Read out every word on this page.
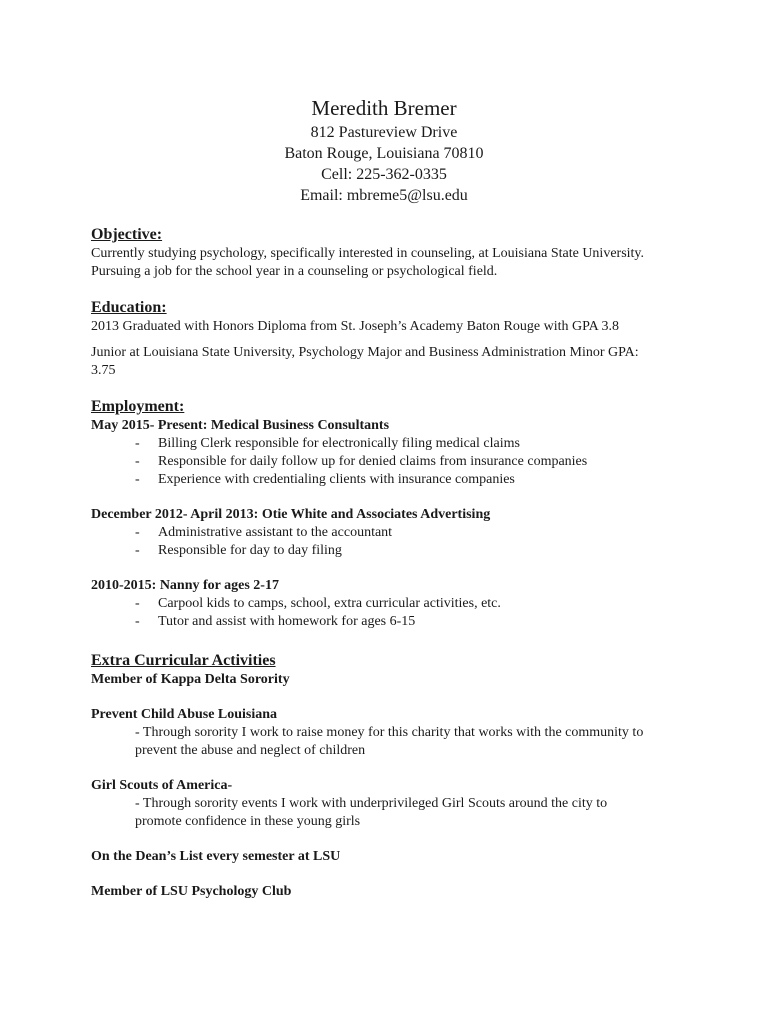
Meredith Bremer

812 Pastureview Drive

Baton Rouge, Louisiana 70810

Cell: 225-362-0335

Email: mbreme5@lsu.edu

Objective:

Currently studying psychology, specifically interested in counseling, at Louisiana State University. Pursuing a job for the school year in a counseling or psychological field.

Education:

2013 Graduated with Honors Diploma from St. Joseph’s Academy Baton Rouge with GPA 3.8

Junior at Louisiana State University, Psychology Major and Business Administration Minor GPA: 3.75

Employment:

May 2015- Present: Medical Business Consultants

- Billing Clerk responsible for electronically filing medical claims
- Responsible for daily follow up for denied claims from insurance companies
- Experience with credentialing clients with insurance companies

December 2012- April 2013: Otie White and Associates Advertising

- Administrative assistant to the accountant
- Responsible for day to day filing

2010-2015: Nanny for ages 2-17

- Carpool kids to camps, school, extra curricular activities, etc.
- Tutor and assist with homework for ages 6-15

Extra Curricular Activities

Member of Kappa Delta Sorority

Prevent Child Abuse Louisiana

- Through sorority I work to raise money for this charity that works with the community to prevent the abuse and neglect of children

Girl Scouts of America-

- Through sorority events I work with underprivileged Girl Scouts around the city to promote confidence in these young girls

On the Dean’s List every semester at LSU

Member of LSU Psychology Club
